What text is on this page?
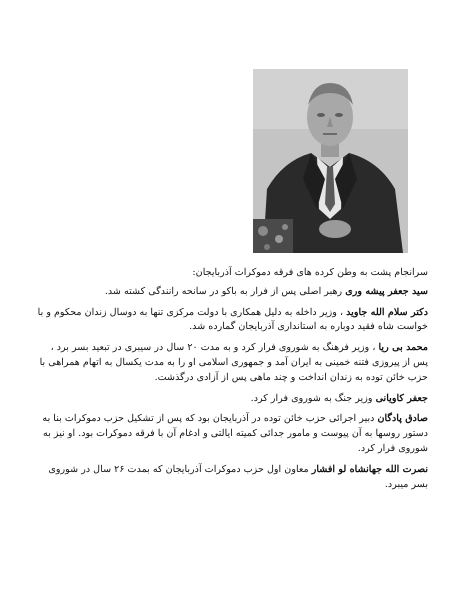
سرانجام پشت به وطن کرده های فرقه دموکرات آذربایجان:

سید جعفر پیشه وری رهبر اصلی پس از فرار به باکو در سانحه رانندگی کشته شد.

دکتر سلام الله جاوید ، وزیر داخله به دلیل همکاری با دولت مرکزی تنها به دوسال زندان محکوم و با خواست شاه فقید دوباره به استانداری آذربایجان گمارده شد.

محمد بی ریا ، وزیر فرهنگ به شوروی فرار کرد و به مدت ۲۰ سال در سیبری در تبعید بسر برد ، پس از پیروزی فتنه خمینی به ایران آمد و جمهوری اسلامی او را به مدت یکسال به اتهام همراهی با حزب خائن توده به زندان انداخت و چند ماهی پس از آزادی درگذشت.

جعفر کاویانی وزیر جنگ به شوروی فرار کرد.

صادق پادگان دبیر اجرائی حزب خائن توده در آذربایجان بود که پس از تشکیل حزب دموکرات بنا به دستور روسها به آن پیوست و مامور جدائی کمیته ایالتی و ادغام آن با فرقه دموکرات بود. او نیز به شوروی فرار کرد.

نصرت الله جهانشاه لو افشار معاون اول حزب دموکرات آذربایجان که بمدت ۲۶ سال در شوروی بسر میبرد.
